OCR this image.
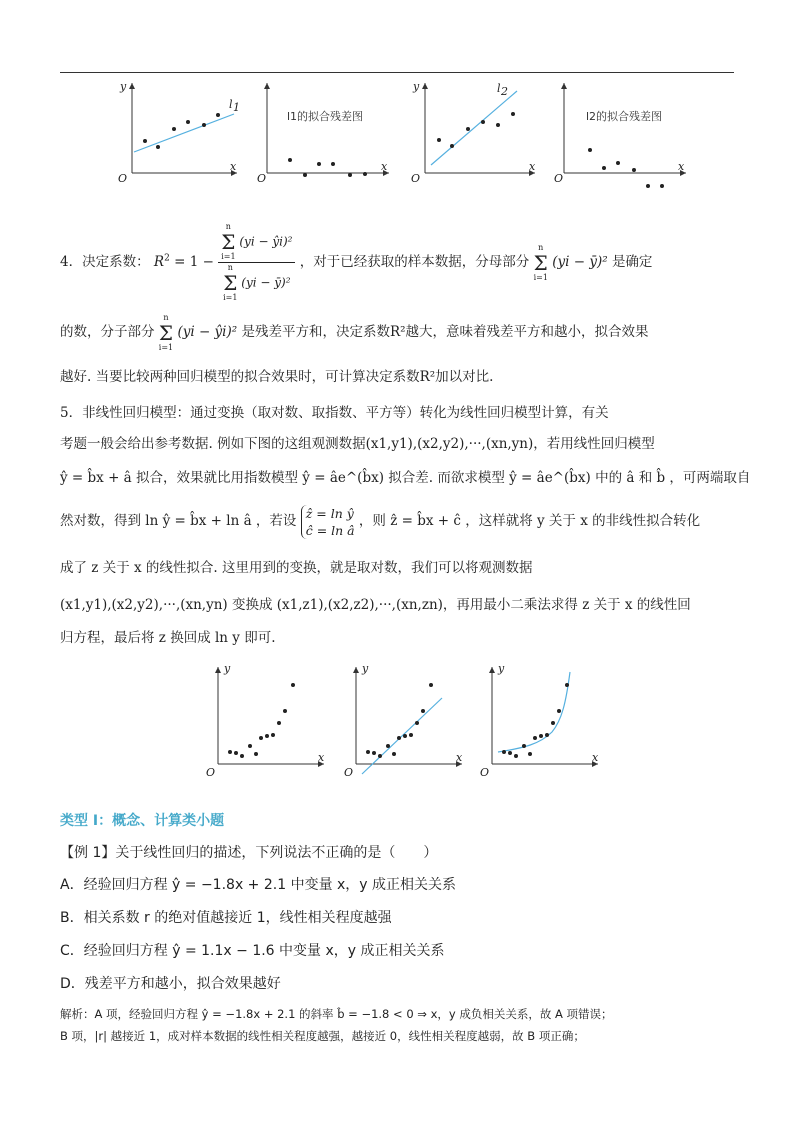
x
y
O
l 1
x
O
l1的拟合残差图
x
y
O
l 2
x
O
l2的拟合残差图
4．决定系数： $R^2 = 1 - n$
Σ
i=1
(yi − ŷi)²
n
Σ
i=1
(yi − ȳ)² ，对于已经获取的样本数据，分母部分
n
Σ
i=1
(yi − ȳ)² 是确定
的数，分子部分
n
Σ
i=1
(yi − ŷi)² 是残差平方和，决定系数R²越大，意味着残差平方和越小，拟合效果
越好. 当要比较两种回归模型的拟合效果时，可计算决定系数R²加以对比.
5．非线性回归模型：通过变换（取对数、取指数、平方等）转化为线性回归模型计算，有关
考题一般会给出参考数据. 例如下图的这组观测数据(x1,y1),(x2,y2),···,(xn,yn)，若用线性回归模型
ŷ = b̂x + â 拟合，效果就比用指数模型 ŷ = âe^(b̂x) 拟合差. 而欲求模型 ŷ = âe^(b̂x) 中的 â 和 b̂ ，可两端取自
然对数，得到 ln ŷ = b̂x + ln â ，若设 ẑ = ln ŷ
ĉ = ln â
，则 ẑ = b̂x + ĉ ，这样就将 y 关于 x 的非线性拟合转化
成了 z 关于 x 的线性拟合. 这里用到的变换，就是取对数，我们可以将观测数据
(x1,y1),(x2,y2),···,(xn,yn) 变换成 (x1,z1),(x2,z2),···,(xn,zn)，再用最小二乘法求得 z 关于 x 的线性回
归方程，最后将 z 换回成 ln y 即可.
x
y
O
x
y
O
x
y
O
类型 I：概念、计算类小题
【例 1】关于线性回归的描述，下列说法不正确的是（　　）
A．经验回归方程 ŷ = −1.8x + 2.1 中变量 x，y 成正相关关系
B．相关系数 r 的绝对值越接近 1，线性相关程度越强
C．经验回归方程 ŷ = 1.1x − 1.6 中变量 x，y 成正相关关系
D．残差平方和越小，拟合效果越好
解析：A 项，经验回归方程 ŷ = −1.8x + 2.1 的斜率 b̂ = −1.8 < 0 ⇒ x，y 成负相关关系，故 A 项错误；
B 项，|r| 越接近 1，成对样本数据的线性相关程度越强，越接近 0，线性相关程度越弱，故 B 项正确；
